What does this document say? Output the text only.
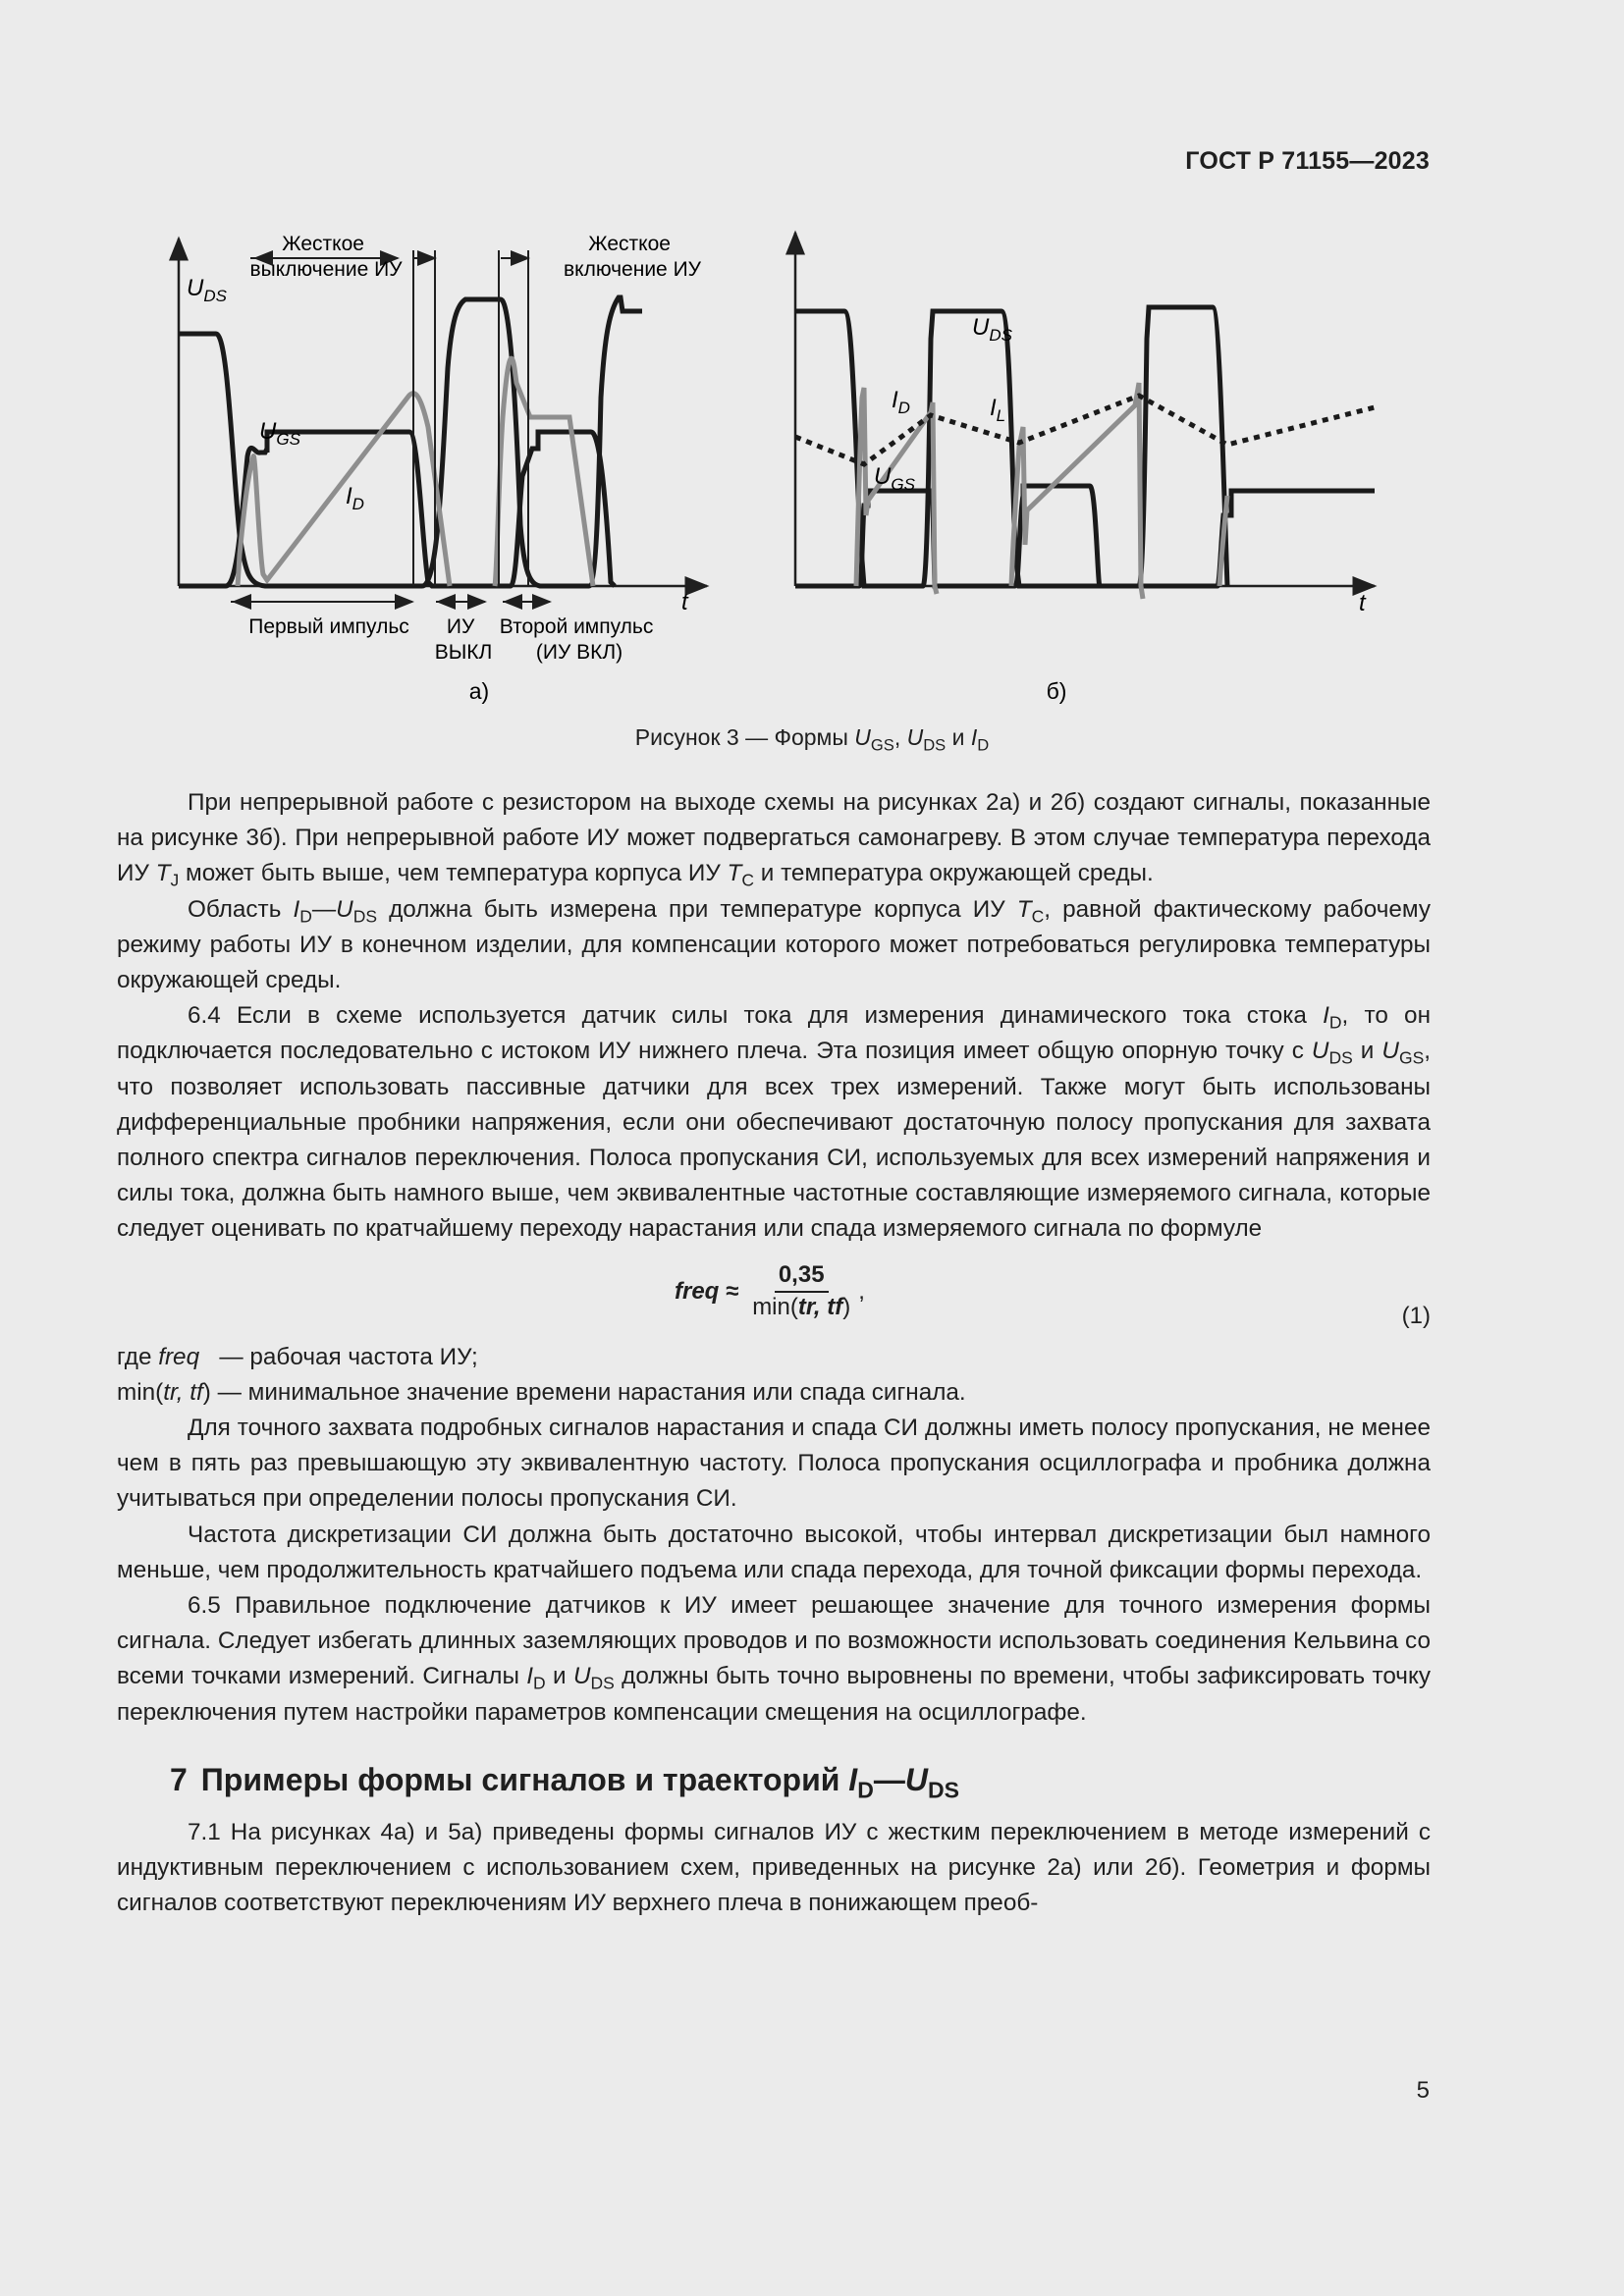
ГОСТ Р 71155—2023
Жесткое выключение ИУ
Жесткое включение ИУ
$U_{DS}$
$U_{GS}$
$I_D$
t
Первый импульс	ИУ ВЫКЛ
Второй импульс (ИУ ВКЛ)
а)
$U_{DS}$
$I_D$	$I_L$
$U_{GS}$
t
б)
Рисунок 3 — Формы $U_{GS}$, $U_{DS}$ и $I_D$

При непрерывной работе с резистором на выходе схемы на рисунках 2а) и 2б) создают сигналы, показанные на рисунке 3б). При непрерывной работе ИУ может подвергаться самонагреву. В этом случае температура перехода ИУ $T_J$ может быть выше, чем температура корпуса ИУ $T_C$ и температура окружающей среды.

Область $I_D—U_{DS}$ должна быть измерена при температуре корпуса ИУ $T_C$, равной фактическому рабочему режиму работы ИУ в конечном изделии, для компенсации которого может потребоваться регулировка температуры окружающей среды.

6.4 Если в схеме используется датчик силы тока для измерения динамического тока стока $I_D$, то он подключается последовательно с истоком ИУ нижнего плеча. Эта позиция имеет общую опорную точку с $U_{DS}$ и $U_{GS}$, что позволяет использовать пассивные датчики для всех трех измерений. Также могут быть использованы дифференциальные пробники напряжения, если они обеспечивают достаточную полосу пропускания для захвата полного спектра сигналов переключения. Полоса пропускания СИ, используемых для всех измерений напряжения и силы тока, должна быть намного выше, чем эквивалентные частотные составляющие измеряемого сигнала, которые следует оценивать по кратчайшему переходу нарастания или спада измеряемого сигнала по формуле

freq ≈ $\frac{0,35}{\min(tr, tf)}$ ,
(1)

где freq   — рабочая частота ИУ;

min(tr, tf) — минимальное значение времени нарастания или спада сигнала.

Для точного захвата подробных сигналов нарастания и спада СИ должны иметь полосу пропускания, не менее чем в пять раз превышающую эту эквивалентную частоту. Полоса пропускания осциллографа и пробника должна учитываться при определении полосы пропускания СИ.

Частота дискретизации СИ должна быть достаточно высокой, чтобы интервал дискретизации был намного меньше, чем продолжительность кратчайшего подъема или спада перехода, для точной фиксации формы перехода.

6.5 Правильное подключение датчиков к ИУ имеет решающее значение для точного измерения формы сигнала. Следует избегать длинных заземляющих проводов и по возможности использовать соединения Кельвина со всеми точками измерений. Сигналы $I_D$ и $U_{DS}$ должны быть точно выровнены по времени, чтобы зафиксировать точку переключения путем настройки параметров компенсации смещения на осциллографе.

7 Примеры формы сигналов и траекторий $I_D—U_{DS}$

7.1 На рисунках 4а) и 5а) приведены формы сигналов ИУ с жестким переключением в методе измерений с индуктивным переключением с использованием схем, приведенных на рисунке 2а) или 2б). Геометрия и формы сигналов соответствуют переключениям ИУ верхнего плеча в понижающем преоб-

5
